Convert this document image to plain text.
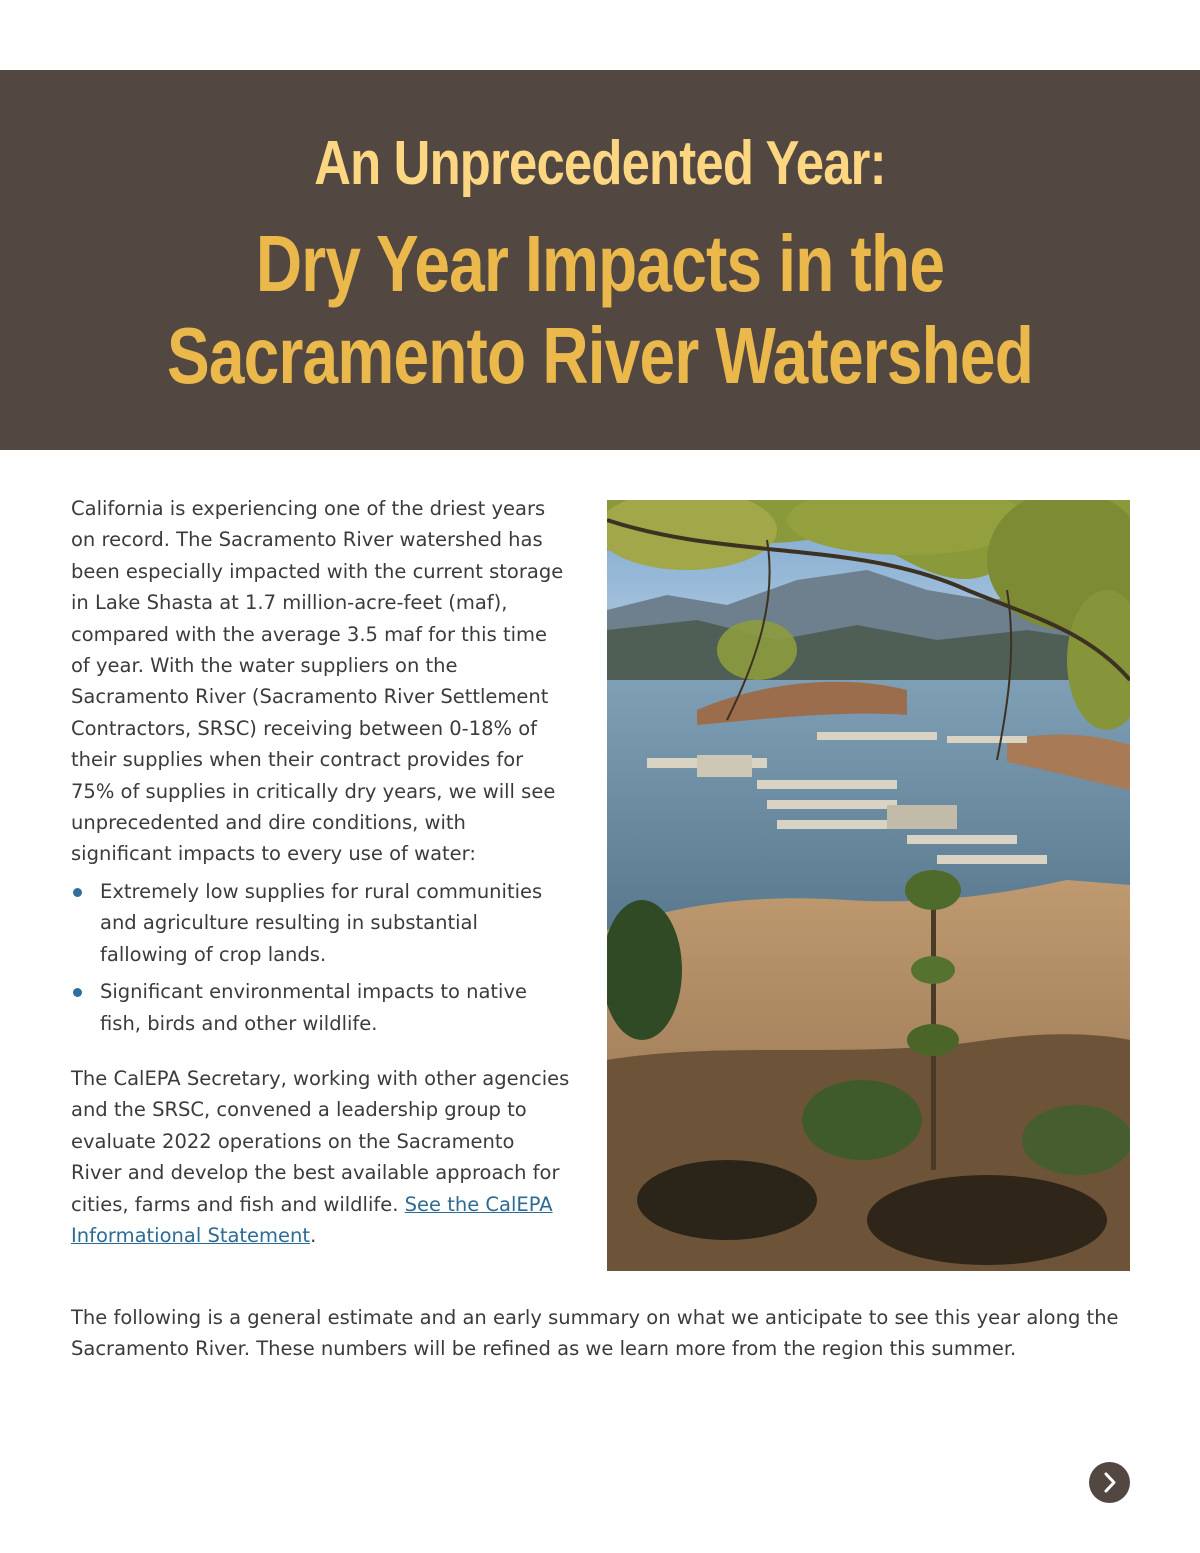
An Unprecedented Year:
Dry Year Impacts in the
Sacramento River Watershed

California is experiencing one of the driest years on record. The Sacramento River watershed has been especially impacted with the current storage in Lake Shasta at 1.7 million-acre-feet (maf), compared with the average 3.5 maf for this time of year. With the water suppliers on the Sacramento River (Sacramento River Settlement Contractors, SRSC) receiving between 0-18% of their supplies when their contract provides for 75% of supplies in critically dry years, we will see unprecedented and dire conditions, with significant impacts to every use of water:

Extremely low supplies for rural communities and agriculture resulting in substantial fallowing of crop lands.
Significant environmental impacts to native fish, birds and other wildlife.

The CalEPA Secretary, working with other agencies and the SRSC, convened a leadership group to evaluate 2022 operations on the Sacramento River and develop the best available approach for cities, farms and fish and wildlife. See the CalEPA Informational Statement.

The following is a general estimate and an early summary on what we anticipate to see this year along the Sacramento River. These numbers will be refined as we learn more from the region this summer.
